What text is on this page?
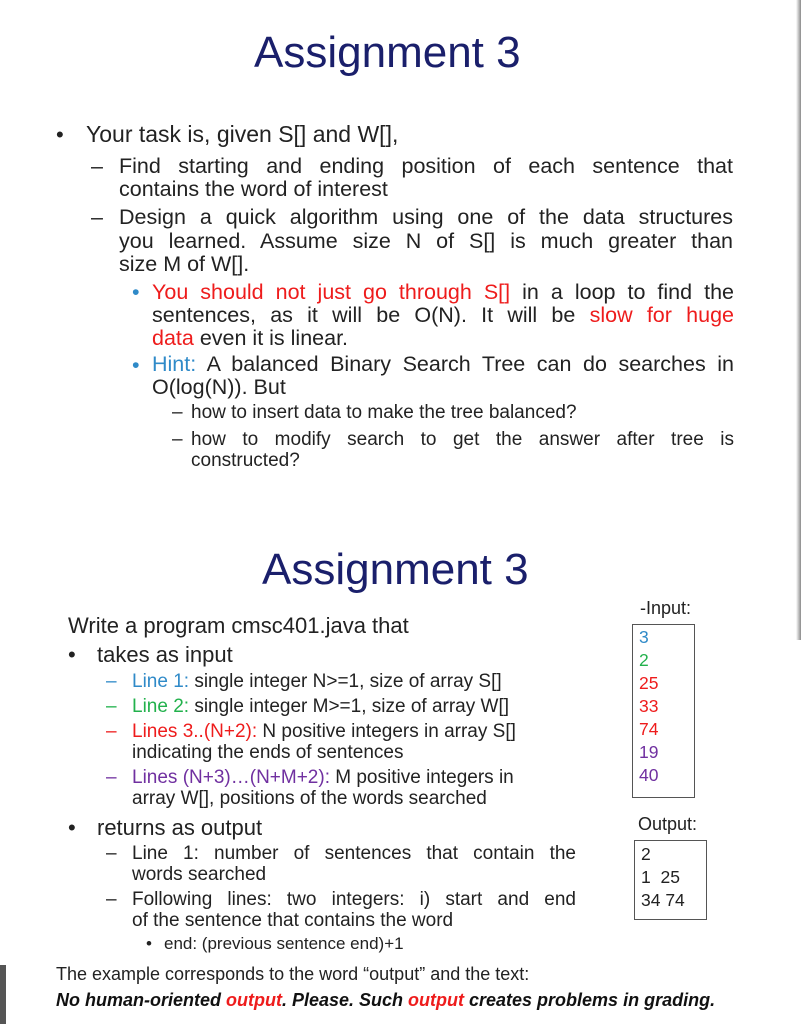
Assignment 3
• Your task is, given S[] and W[],
– Find starting and ending position of each sentence that
contains the word of interest
– Design a quick algorithm using one of the data structures
you learned. Assume size N of S[] is much greater than
size M of W[].
• You should not just go through S[] in a loop to find the
sentences, as it will be O(N). It will be slow for huge
data even it is linear.
• Hint: A balanced Binary Search Tree can do searches in
O(log(N)). But
– how to insert data to make the tree balanced?
– how to modify search to get the answer after tree is
constructed?
Assignment 3
Write a program cmsc401.java that
• takes as input
– Line 1: single integer N>=1, size of array S[]
– Line 2: single integer M>=1, size of array W[]
– Lines 3..(N+2): N positive integers in array S[]
indicating the ends of sentences
– Lines (N+3)…(N+M+2): M positive integers in
array W[], positions of the words searched
• returns as output
– Line 1: number of sentences that contain the
words searched
– Following lines: two integers: i) start and end
of the sentence that contains the word
• end: (previous sentence end)+1
The example corresponds to the word “output” and the text:
No human-oriented output. Please. Such output creates problems in grading.
-Input:
3
2
25
33
74
19
40
Output:
2
1  25
34 74
